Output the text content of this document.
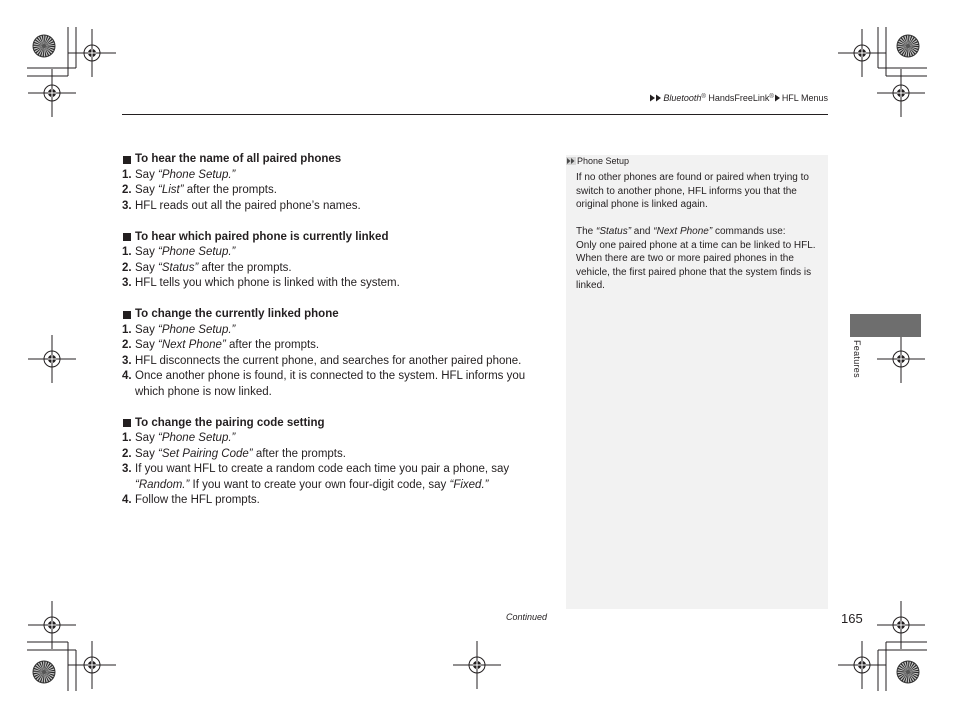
Bluetooth® HandsFreeLink® HFL Menus
To hear the name of all paired phones
1. Say “Phone Setup.”
2. Say “List” after the prompts.
3. HFL reads out all the paired phone’s names.
To hear which paired phone is currently linked
1. Say “Phone Setup.”
2. Say “Status” after the prompts.
3. HFL tells you which phone is linked with the system.
To change the currently linked phone
1. Say “Phone Setup.”
2. Say “Next Phone” after the prompts.
3. HFL disconnects the current phone, and searches for another paired phone.
4. Once another phone is found, it is connected to the system. HFL informs you which phone is now linked.
To change the pairing code setting
1. Say “Phone Setup.”
2. Say “Set Pairing Code” after the prompts.
3. If you want HFL to create a random code each time you pair a phone, say “Random.” If you want to create your own four-digit code, say “Fixed.”
4. Follow the HFL prompts.
Phone Setup

If no other phones are found or paired when trying to switch to another phone, HFL informs you that the original phone is linked again.

The “Status” and “Next Phone” commands use:

Only one paired phone at a time can be linked to HFL.

When there are two or more paired phones in the vehicle, the first paired phone that the system finds is linked.

Features
Continued	165
